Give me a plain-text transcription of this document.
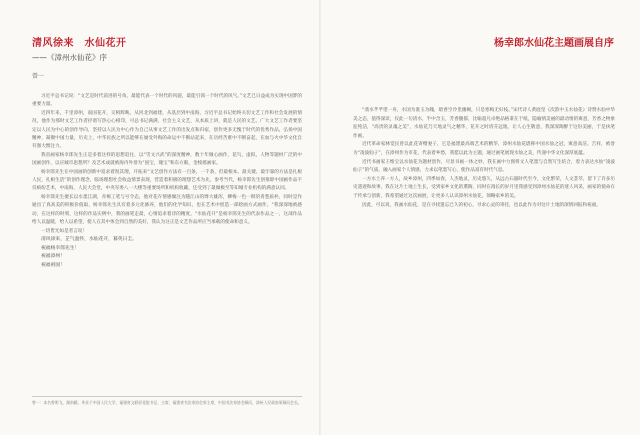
清风徐来　水仙花开
——《漳州水仙花》序
曾一

习近平总书记说：“文艺是时代前进的号角，最能代表一个时代的风貌，最能引领一个时代的风气。”文艺已日益成为实现中国梦的重要力量。

近四年来，千里漳州，南国花开，交相辉映。从河北到福建，从基层到中南海，习近平总书记始终关切文艺工作和社会发展的情况，他作为那时文艺工作者抒谱写热心心相印，可总书记满满，社会主义文艺，从本质上讲，就是人民的文艺。广大文艺工作者要坚定以人民为中心的创作导向，坚持以人民为中心作为自己从事文艺工作的出发点和归宿，创作更多无愧于时代的优秀作品，弘扬中国精神，凝聚中国力量，历史上，中华民族之所以能够在屡受外侮的命运中不断站起来，在历经苦难中不断奋起，在血与火中华文化自有强大惯注力。

我省画家杨幸郎先生正是多着这样的思想追往，以“雪文兴武”的深度精神，数十年倾心画作，花鸟，虚拟，人物等题材广泛的中国画创作，以应城市思想所？及艺术成就被海内外誉为“国宝，瑰宝”和东方眼，金棱墙画家。

杨幸郎先生在中国画的创新中追求着很其理，开拓来“文艺创作方法有一百条，一千条，但最根本、最关键、最牢靠的方法是扎根人民，扎根生活”的创作理念，临场理想社会收益情景表现，营造着积极的理想艺术为先，参考当代，杨幸郎先生创推即中国画作品不仅缤纷艺术，中南海，人民大会堂，中央军委八一大楼等重要场所和机构收藏，还受到了最倾极至等知城专业机构的满意认同。

杨幸郎先生擅长以水墨江湖，赤褐工笔与号令态，他对花卉情感倾注为随江山的博大雄浑，柳梅一色一彻的青葱质朴，同时是作通出了真高美的积极价值取，杨幸郎先生具有着多元化修养，他们的化学知识，也在艺术中创造一部绘画方式画作，“我深深地被感动，在这样的时刻，这样的作品实例中，我的画笔走最，心情追求着诗的精度。“水仙花开”是杨幸郎先生的代表作品之一，这部作品给人以温暖，给人以希望，使人在其中体会到自然的美好，我认为这正是文艺作品所应当承载的使命和意义。

一切皆光如是者言说！

清风徐来，芷气盈怀，水仙花开，暮英日圭。
祝福杨幸郎先生！
祝福漳州！
祝福祖国！
曾一：本名曾明飞，湖南籍，毕业于中国人民大学，福建省文联原党组书记、主席，福建省书法家协会原主席，中国书法家协会顾问，漳州人民政府原顾问会长。
杨幸郎水仙花主题画展自序

“翡水芊芊望一舟，水国为准玉为魄，暗香空冷里幽阙，只是寒梅无好枝。”宋代诗人黄庭坚《次韵中玉水仙花》诗赞水仙中华美之态，值得深读，仅此一句清水，半中含玉，芳香馥郁，比喻超凡卓绝品格秉在于纸，隐喻情美丽的最动情的寓意，芳香之物象征纯洁，“高贵的灵魂之美”，水仙花乃天地灵气之精华，花开之时清芬远逸，让人心生敬意，我深深陶醉于这份美丽，于是执笔作画。

近代革命家林觉民曾以此花寄赠妻子，它是福建最高端艺术的精华，漳州水仙花堪称中国水仙之冠，寓意高洁、吉祥，被誉为“凌波仙子”，在漳州作为市花，代表着乡愁，我愿以此为主题，通过画笔展现水仙之美，传递中华文化深厚底蕴。

近代书画家王维宝以水仙花为题材创作，尽显书画一体之妙，我在画中力图将文人笔墨与自然写生结合，着力表达水仙“凌波仙子”的气质，融入画家个人情感，力求以笔墨写心，使作品富有时代气息。

一方水土养一方人，故乡漳州，四季如春，人杰地灵，历史悠久，从远古石器时代至今，文化繁荣，人文荟萃，留下了许多历史遗迹和故事，我在这片土地上生长，受到家乡文化的熏陶，同时在漫长的岁月里我感受到漳州水仙花的迷人风采，画家的使命在于传承与创新，我希望通过这次画展，让更多人认识漳州水仙花，领略家乡的美。

因此，可以说，我画水仙花，是在寻找遗忘已久的初心，寻求心灵的寄托，也以此作为对这片土地的深情回报和祝福。
